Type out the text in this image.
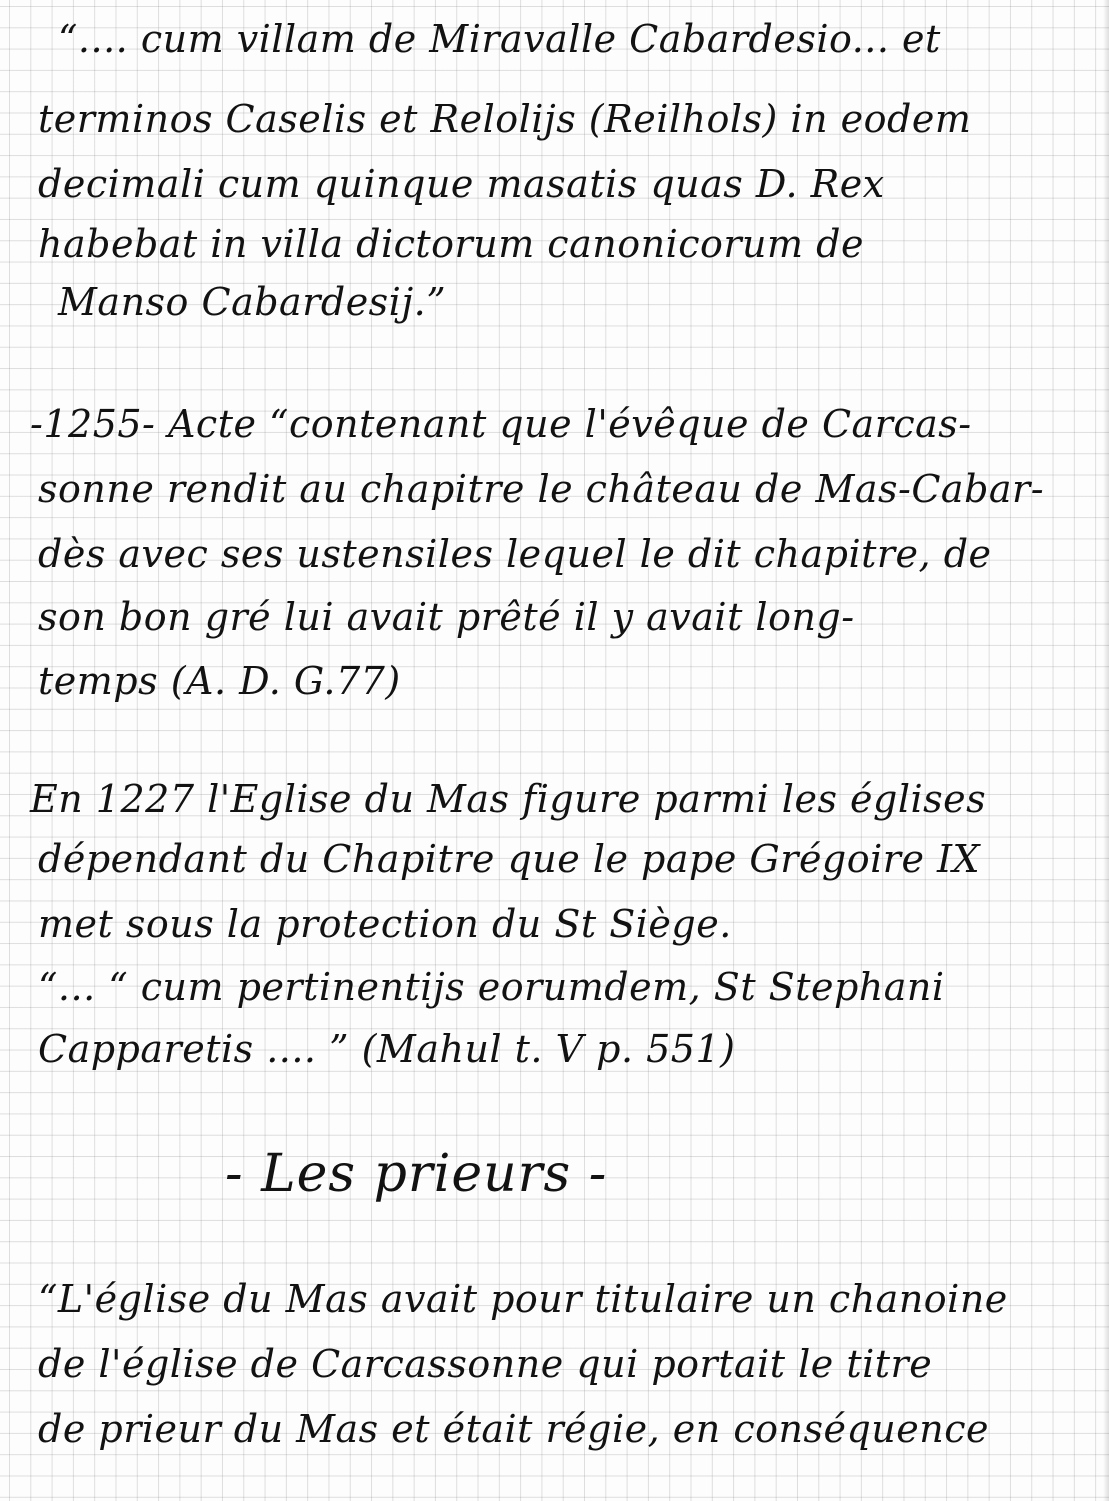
“.... cum villam de Miravalle Cabardesio... et
terminos Caselis et Relolijs (Reilhols) in eodem
decimali cum quinque masatis quas D. Rex
habebat in villa dictorum canonicorum de
Manso Cabardesij.”
-1255- Acte “contenant que l'évêque de Carcas-
sonne rendit au chapitre le château de Mas-Cabar-
dès avec ses ustensiles lequel le dit chapitre, de
son bon gré lui avait prêté il y avait long-
temps (A. D. G.77)
En 1227 l'Eglise du Mas figure parmi les églises
dépendant du Chapitre que le pape Grégoire IX
met sous la protection du St Siège.
“... “ cum pertinentijs eorumdem, St Stephani
Capparetis .... ” (Mahul t. V p. 551)
- Les prieurs -
“L'église du Mas avait pour titulaire un chanoine
de l'église de Carcassonne qui portait le titre
de prieur du Mas et était régie, en conséquence
